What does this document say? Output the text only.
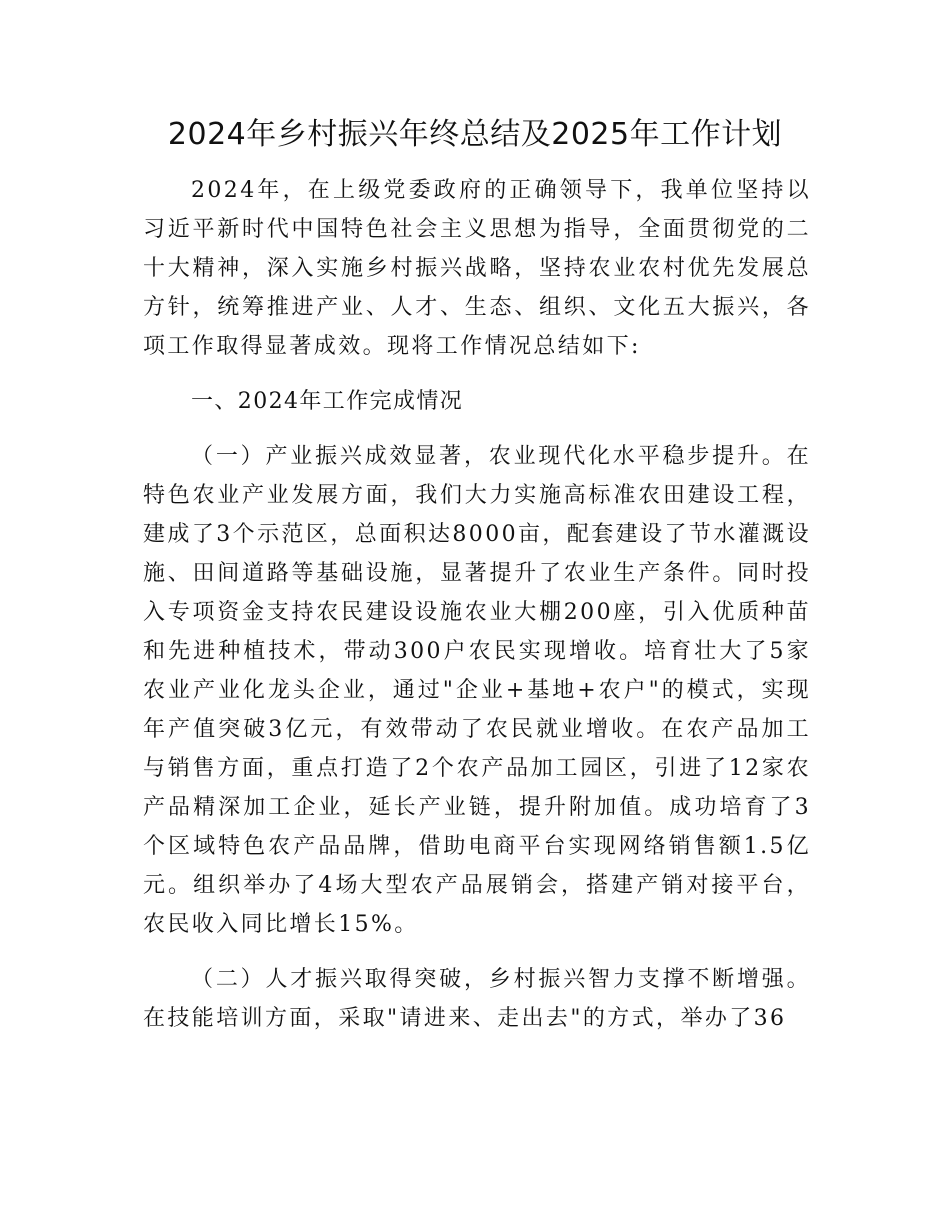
2024年乡村振兴年终总结及2025年工作计划

2024年，在上级党委政府的正确领导下，我单位坚持以习近平新时代中国特色社会主义思想为指导，全面贯彻党的二十大精神，深入实施乡村振兴战略，坚持农业农村优先发展总方针，统筹推进产业、人才、生态、组织、文化五大振兴，各项工作取得显著成效。现将工作情况总结如下:

一、2024年工作完成情况

（一）产业振兴成效显著，农业现代化水平稳步提升。在特色农业产业发展方面，我们大力实施高标准农田建设工程，建成了3个示范区，总面积达8000亩，配套建设了节水灌溉设施、田间道路等基础设施，显著提升了农业生产条件。同时投入专项资金支持农民建设设施农业大棚200座，引入优质种苗和先进种植技术，带动300户农民实现增收。培育壮大了5家农业产业化龙头企业，通过"企业+基地+农户"的模式，实现年产值突破3亿元，有效带动了农民就业增收。在农产品加工与销售方面，重点打造了2个农产品加工园区，引进了12家农产品精深加工企业，延长产业链，提升附加值。成功培育了3个区域特色农产品品牌，借助电商平台实现网络销售额1.5亿元。组织举办了4场大型农产品展销会，搭建产销对接平台，农民收入同比增长15%。

（二）人才振兴取得突破，乡村振兴智力支撑不断增强。在技能培训方面，采取"请进来、走出去"的方式，举办了36
